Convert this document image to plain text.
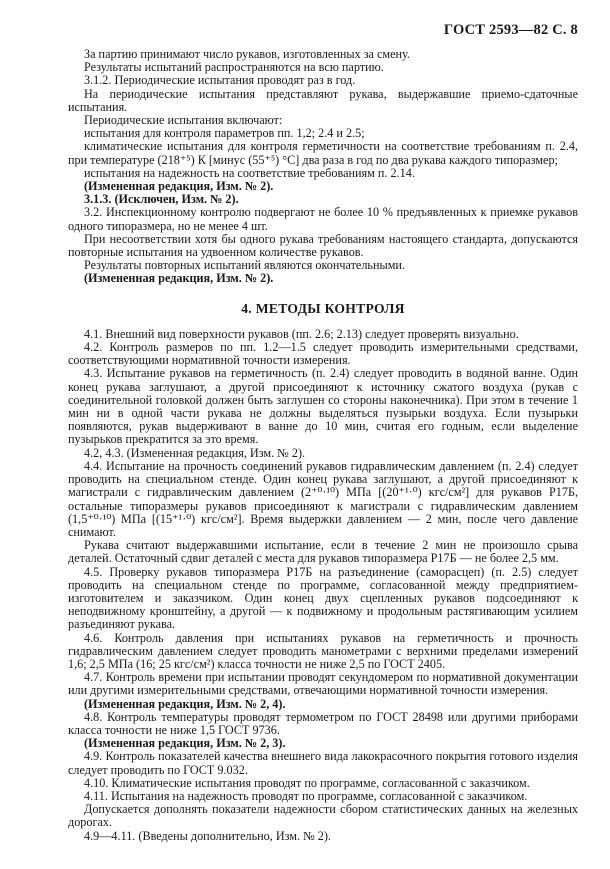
ГОСТ 2593—82 С. 8

За партию принимают число рукавов, изготовленных за смену.

Результаты испытаний распространяются на всю партию.

3.1.2. Периодические испытания проводят раз в год.

На периодические испытания представляют рукава, выдержавшие приемо-сдаточные испытания.

Периодические испытания включают:

испытания для контроля параметров пп. 1,2; 2.4 и 2.5;

климатические испытания для контроля герметичности на соответствие требованиям п. 2.4, при температуре (218⁺⁵) К [минус (55⁺⁵) °С] два раза в год по два рукава каждого типоразмер;

испытания на надежность на соответствие требованиям п. 2.14.

(Измененная редакция, Изм. № 2).

3.1.3. (Исключен, Изм. № 2).

3.2. Инспекционному контролю подвергают не более 10 % предъявленных к приемке рукавов одного типоразмера, но не менее 4 шт.

При несоответствии хотя бы одного рукава требованиям настоящего стандарта, допускаются повторные испытания на удвоенном количестве рукавов.

Результаты повторных испытаний являются окончательными.

(Измененная редакция, Изм. № 2).

4. МЕТОДЫ КОНТРОЛЯ

4.1. Внешний вид поверхности рукавов (пп. 2.6; 2.13) следует проверять визуально.

4.2. Контроль размеров по пп. 1.2—1.5 следует проводить измерительными средствами, соответствующими нормативной точности измерения.

4.3. Испытание рукавов на герметичность (п. 2.4) следует проводить в водяной ванне. Один конец рукава заглушают, а другой присоединяют к источнику сжатого воздуха (рукав с соединительной головкой должен быть заглушен со стороны наконечника). При этом в течение 1 мин ни в одной части рукава не должны выделяться пузырьки воздуха. Если пузырьки появляются, рукав выдерживают в ванне до 10 мин, считая его годным, если выделение пузырьков прекратится за это время.

4.2, 4.3. (Измененная редакция, Изм. № 2).

4.4. Испытание на прочность соединений рукавов гидравлическим давлением (п. 2.4) следует проводить на специальном стенде. Один конец рукава заглушают, а другой присоединяют к магистрали с гидравлическим давлением (2⁺⁰·¹⁰) МПа [(20⁺¹·⁰) кгс/см²] для рукавов Р17Б, остальные типоразмеры рукавов присоединяют к магистрали с гидравлическим давлением (1,5⁺⁰·¹⁰) МПа [(15⁺¹·⁰) кгс/см²]. Время выдержки давлением — 2 мин, после чего давление снимают.

Рукава считают выдержавшими испытание, если в течение 2 мин не произошло срыва деталей. Остаточный сдвиг деталей с места для рукавов типоразмера Р17Б — не более 2,5 мм.

4.5. Проверку рукавов типоразмера Р17Б на разъединение (саморасцеп) (п. 2.5) следует проводить на специальном стенде по программе, согласованной между предприятием-изготовителем и заказчиком. Один конец двух сцепленных рукавов подсоединяют к неподвижному кронштейну, а другой — к подвижному и продольным растягивающим усилием разъединяют рукава.

4.6. Контроль давления при испытаниях рукавов на герметичность и прочность гидравлическим давлением следует проводить манометрами с верхними пределами измерений 1,6; 2,5 МПа (16; 25 кгс/см²) класса точности не ниже 2,5 по ГОСТ 2405.

4.7. Контроль времени при испытании проводят секундомером по нормативной документации или другими измерительными средствами, отвечающими нормативной точности измерения.

(Измененная редакция, Изм. № 2, 4).

4.8. Контроль температуры проводят термометром по ГОСТ 28498 или другими приборами класса точности не ниже 1,5 ГОСТ 9736.

(Измененная редакция, Изм. № 2, 3).

4.9. Контроль показателей качества внешнего вида лакокрасочного покрытия готового изделия следует проводить по ГОСТ 9.032.

4.10. Климатические испытания проводят по программе, согласованной с заказчиком.

4.11. Испытания на надежность проводят по программе, согласованной с заказчиком.

Допускается дополнять показатели надежности сбором статистических данных на железных дорогах.

4.9—4.11. (Введены дополнительно, Изм. № 2).
